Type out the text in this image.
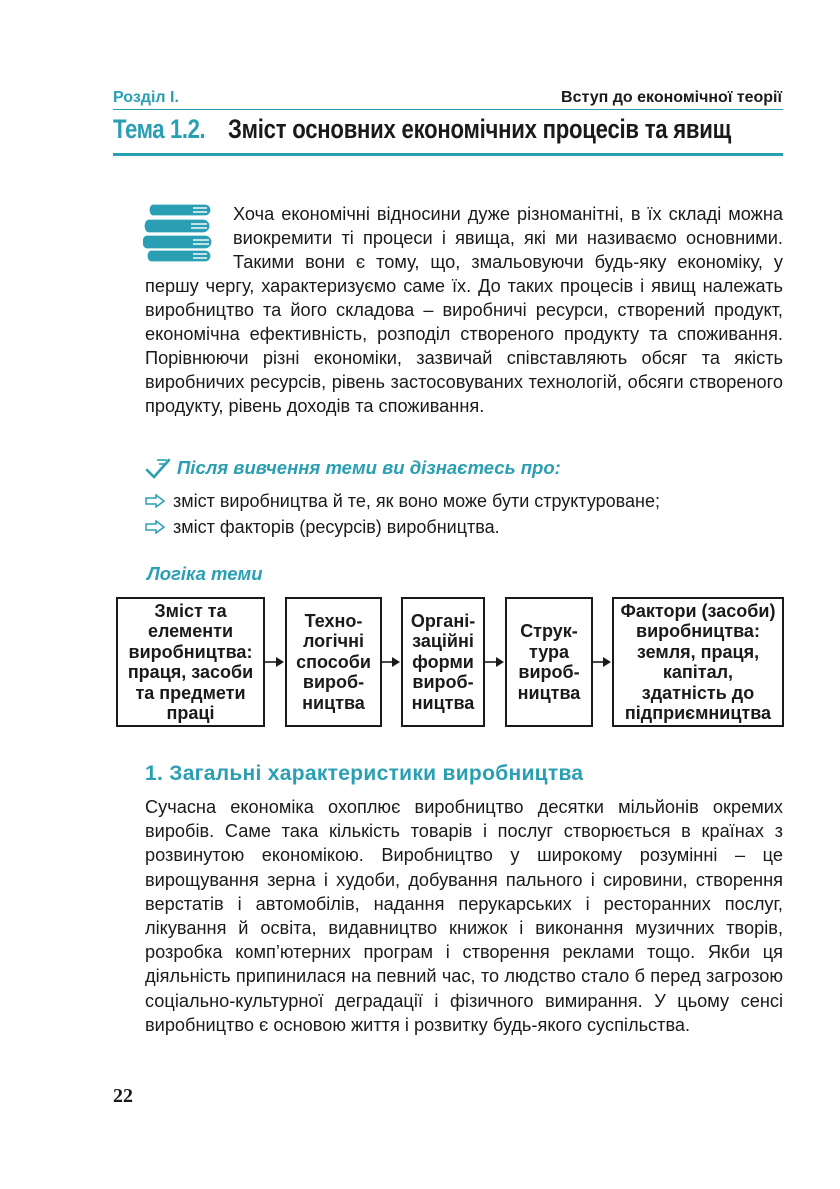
Розділ І.	Вступ до економічної теорії
Тема 1.2. Зміст основних економічних процесів та явищ

Хоча економічні відносини дуже різноманітні, в їх складі можна виокремити ті процеси і явища, які ми називаємо основними. Такими вони є тому, що, змальовуючи будь-яку економіку, у першу чергу, характеризуємо саме їх. До таких процесів і явищ належать виробництво та його складова – виробничі ресурси, створений продукт, економічна ефективність, розподіл створеного продукту та споживання. Порівнюючи різні економіки, зазвичай співставляють обсяг та якість виробничих ресурсів, рівень застосовуваних технологій, обсяги створеного продукту, рівень доходів та споживання.

Після вивчення теми ви дізнаєтесь про:
зміст виробництва й те, як воно може бути структуроване;
зміст факторів (ресурсів) виробництва.
Логіка теми
Зміст та
елементи
виробництва:
праця, засоби
та предмети
праці
Техно-
логічні
способи
вироб-
ництва
Органі-
заційні
форми
вироб-
ництва
Струк-
тура
вироб-
ництва
Фактори (засоби)
виробництва:
земля, праця,
капітал,
здатність до
підприємництва
1. Загальні характеристики виробництва

Сучасна економіка охоплює виробництво десятки мільйонів окремих виробів. Саме така кількість товарів і послуг створюється в країнах з розвинутою економікою. Виробництво у широкому розумінні – це вирощування зерна і худоби, добування пального і сировини, створення верстатів і автомобілів, надання перукарських і ресторанних послуг, лікування й освіта, видавництво книжок і виконання музичних творів, розробка комп’ютерних програм і створення реклами тощо. Якби ця діяльність припинилася на певний час, то людство стало б перед загрозою соціально-культурної деградації і фізичного вимирання. У цьому сенсі виробництво є основою життя і розвитку будь-якого суспільства.

22
